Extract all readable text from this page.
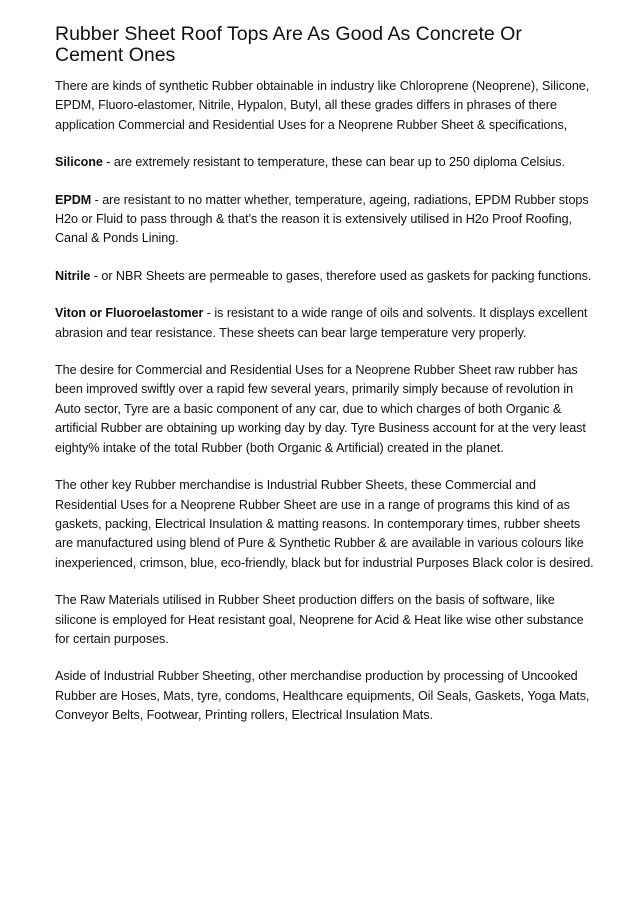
Rubber Sheet Roof Tops Are As Good As Concrete Or Cement Ones

There are kinds of synthetic Rubber obtainable in industry like Chloroprene (Neoprene), Silicone, EPDM, Fluoro-elastomer, Nitrile, Hypalon, Butyl, all these grades differs in phrases of there application Commercial and Residential Uses for a Neoprene Rubber Sheet & specifications,

Silicone - are extremely resistant to temperature, these can bear up to 250 diploma Celsius.

EPDM - are resistant to no matter whether, temperature, ageing, radiations, EPDM Rubber stops H2o or Fluid to pass through & that's the reason it is extensively utilised in H2o Proof Roofing, Canal & Ponds Lining.

Nitrile - or NBR Sheets are permeable to gases, therefore used as gaskets for packing functions.

Viton or Fluoroelastomer - is resistant to a wide range of oils and solvents. It displays excellent abrasion and tear resistance. These sheets can bear large temperature very properly.

The desire for Commercial and Residential Uses for a Neoprene Rubber Sheet raw rubber has been improved swiftly over a rapid few several years, primarily simply because of revolution in Auto sector, Tyre are a basic component of any car, due to which charges of both Organic & artificial Rubber are obtaining up working day by day. Tyre Business account for at the very least eighty% intake of the total Rubber (both Organic & Artificial) created in the planet.

The other key Rubber merchandise is Industrial Rubber Sheets, these Commercial and Residential Uses for a Neoprene Rubber Sheet are use in a range of programs this kind of as gaskets, packing, Electrical Insulation & matting reasons. In contemporary times, rubber sheets are manufactured using blend of Pure & Synthetic Rubber & are available in various colours like inexperienced, crimson, blue, eco-friendly, black but for industrial Purposes Black color is desired.

The Raw Materials utilised in Rubber Sheet production differs on the basis of software, like silicone is employed for Heat resistant goal, Neoprene for Acid & Heat like wise other substance for certain purposes.

Aside of Industrial Rubber Sheeting, other merchandise production by processing of Uncooked Rubber are Hoses, Mats, tyre, condoms, Healthcare equipments, Oil Seals, Gaskets, Yoga Mats, Conveyor Belts, Footwear, Printing rollers, Electrical Insulation Mats.
